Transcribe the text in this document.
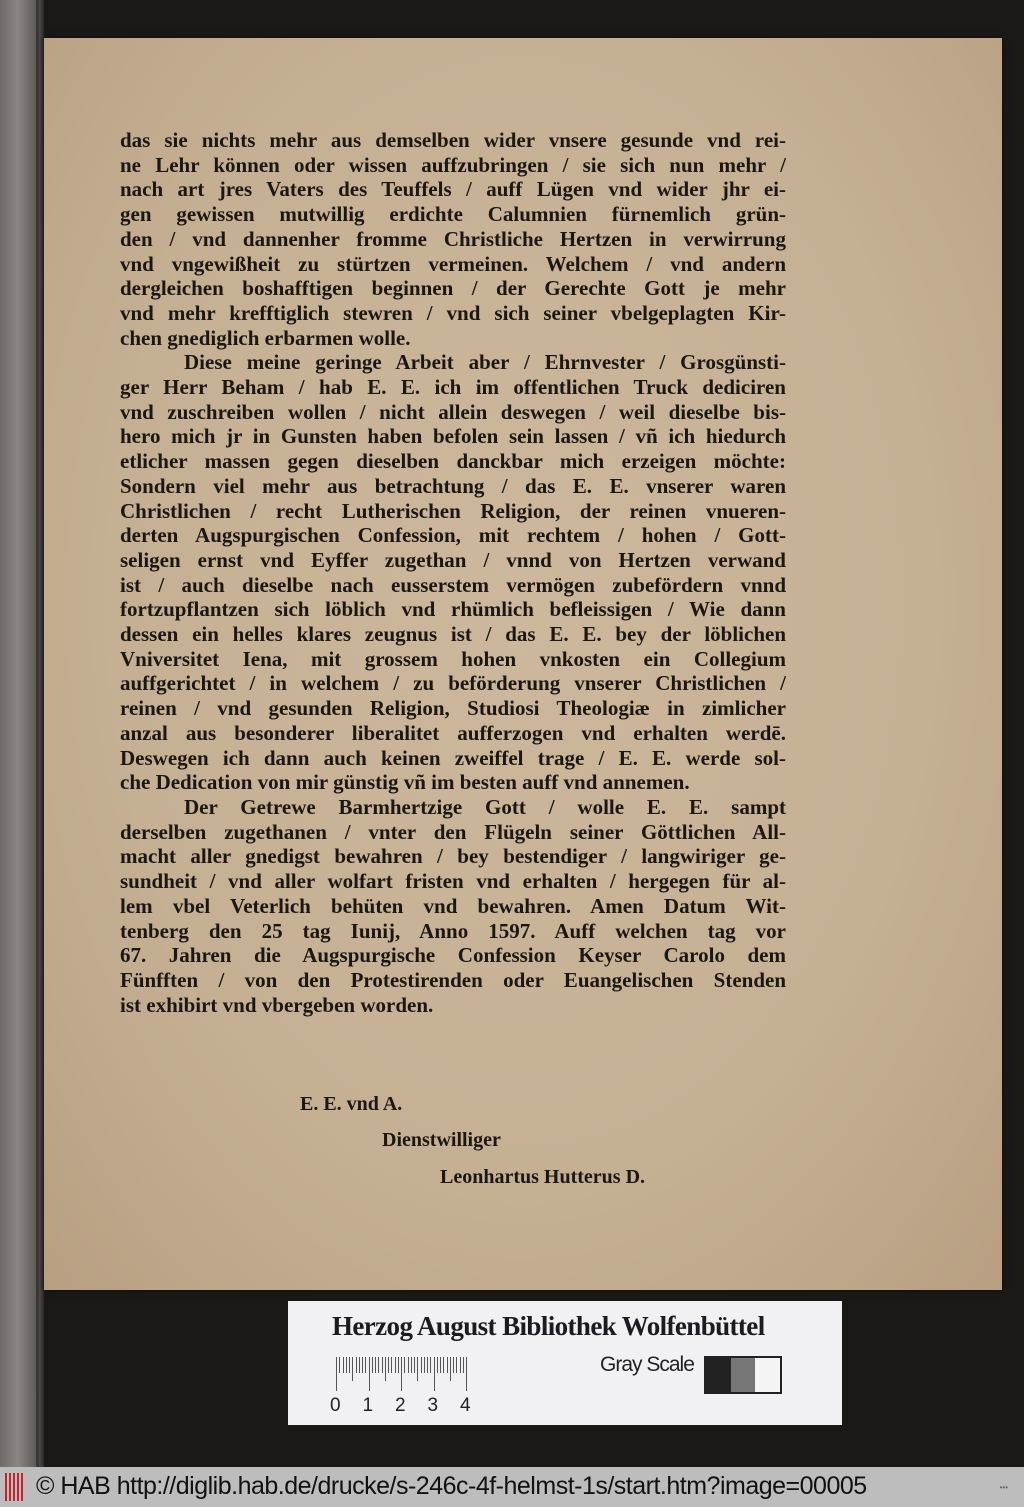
das sie nichts mehr aus demselben wider vnsere gesunde vnd rei-
ne Lehr können oder wissen auffzubringen / sie sich nun mehr /
nach art jres Vaters des Teuffels / auff Lügen vnd wider jhr ei-
gen gewissen mutwillig erdichte Calumnien fürnemlich grün-
den / vnd dannenher fromme Christliche Hertzen in verwirrung
vnd vngewißheit zu stürtzen vermeinen. Welchem / vnd andern
dergleichen boshafftigen beginnen / der Gerechte Gott je mehr
vnd mehr krefftiglich stewren / vnd sich seiner vbelgeplagten Kir-
chen gnediglich erbarmen wolle.
Diese meine geringe Arbeit aber / Ehrnvester / Grosgünsti-
ger Herr Beham / hab E. E. ich im offentlichen Truck dediciren
vnd zuschreiben wollen / nicht allein deswegen / weil dieselbe bis-
hero mich jr in Gunsten haben befolen sein lassen / vñ ich hiedurch
etlicher massen gegen dieselben danckbar mich erzeigen möchte:
Sondern viel mehr aus betrachtung / das E. E. vnserer waren
Christlichen / recht Lutherischen Religion, der reinen vnueren-
derten Augspurgischen Confession, mit rechtem / hohen / Gott-
seligen ernst vnd Eyffer zugethan / vnnd von Hertzen verwand
ist / auch dieselbe nach eusserstem vermögen zubefördern vnnd
fortzupflantzen sich löblich vnd rhümlich befleissigen / Wie dann
dessen ein helles klares zeugnus ist / das E. E. bey der löblichen
Vniversitet Iena, mit grossem hohen vnkosten ein Collegium
auffgerichtet / in welchem / zu beförderung vnserer Christlichen /
reinen / vnd gesunden Religion, Studiosi Theologiæ in zimlicher
anzal aus besonderer liberalitet aufferzogen vnd erhalten werdē.
Deswegen ich dann auch keinen zweiffel trage / E. E. werde sol-
che Dedication von mir günstig vñ im besten auff vnd annemen.
Der Getrewe Barmhertzige Gott / wolle E. E. sampt
derselben zugethanen / vnter den Flügeln seiner Göttlichen All-
macht aller gnedigst bewahren / bey bestendiger / langwiriger ge-
sundheit / vnd aller wolfart fristen vnd erhalten / hergegen für al-
lem vbel Veterlich behüten vnd bewahren. Amen Datum Wit-
tenberg den 25 tag Iunij, Anno 1597. Auff welchen tag vor
67. Jahren die Augspurgische Confession Keyser Carolo dem
Fünfften / von den Protestirenden oder Euangelischen Stenden
ist exhibirt vnd vbergeben worden.
E. E. vnd A.
Dienstwilliger
Leonhartus Hutterus D.
Herzog August Bibliothek Wolfenbüttel
0 1 2 3 4
Gray Scale
© HAB http://diglib.hab.de/drucke/s-246c-4f-helmst-1s/start.htm?image=00005	•••
